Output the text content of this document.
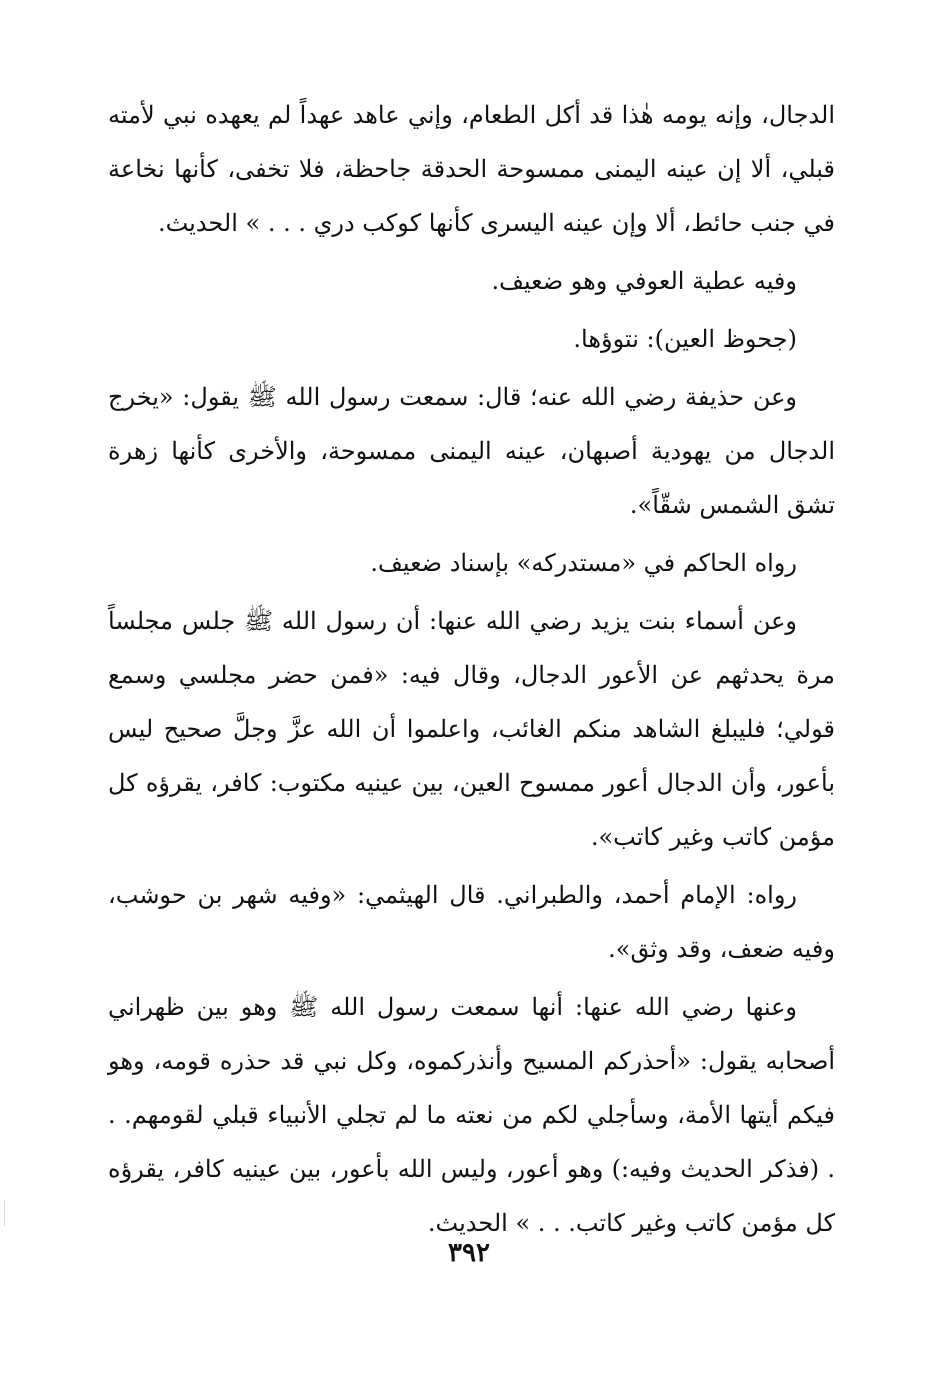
الدجال، وإنه يومه هٰذا قد أكل الطعام، وإني عاهد عهداً لم يعهده نبي لأمته قبلي، ألا إن عينه اليمنى ممسوحة الحدقة جاحظة، فلا تخفى، كأنها نخاعة في جنب حائط، ألا وإن عينه اليسرى كأنها كوكب دري . . . » الحديث.

وفيه عطية العوفي وهو ضعيف.

(جحوظ العين): نتوؤها.

وعن حذيفة رضي الله عنه؛ قال: سمعت رسول الله ﷺ يقول: «يخرج الدجال من يهودية أصبهان، عينه اليمنى ممسوحة، والأخرى كأنها زهرة تشق الشمس شقّاً».

رواه الحاكم في «مستدركه» بإسناد ضعيف.

وعن أسماء بنت يزيد رضي الله عنها: أن رسول الله ﷺ جلس مجلساً مرة يحدثهم عن الأعور الدجال، وقال فيه: «فمن حضر مجلسي وسمع قولي؛ فليبلغ الشاهد منكم الغائب، واعلموا أن الله عزَّ وجلَّ صحيح ليس بأعور، وأن الدجال أعور ممسوح العين، بين عينيه مكتوب: كافر، يقرؤه كل مؤمن كاتب وغير كاتب».

رواه: الإمام أحمد، والطبراني. قال الهيثمي: «وفيه شهر بن حوشب، وفيه ضعف، وقد وثق».

وعنها رضي الله عنها: أنها سمعت رسول الله ﷺ وهو بين ظهراني أصحابه يقول: «أحذركم المسيح وأنذركموه، وكل نبي قد حذره قومه، وهو فيكم أيتها الأمة، وسأجلي لكم من نعته ما لم تجلي الأنبياء قبلي لقومهم. . . (فذكر الحديث وفيه:) وهو أعور، وليس الله بأعور، بين عينيه كافر، يقرؤه كل مؤمن كاتب وغير كاتب. . . » الحديث.

٣٩٢
